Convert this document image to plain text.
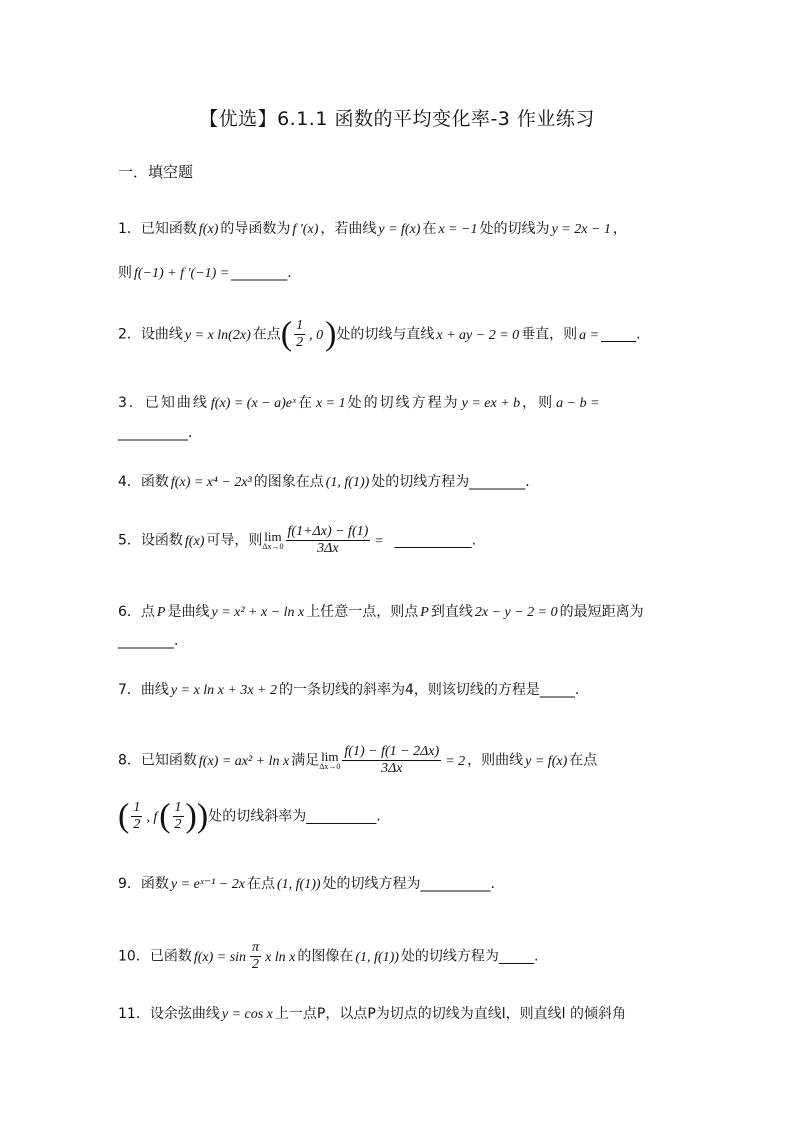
【优选】6.1.1 函数的平均变化率-3 作业练习
一．填空题
1．已知函数 f(x) 的导函数为 f ′(x) ，若曲线 y = f(x) 在 x = −1 处的切线为 y = 2x − 1 ，
则 f(−1) + f ′(−1) = ________.
2．设曲线 y = x ln(2x) 在点( $\frac{1}{2}$ , 0)处的切线与直线 x + ay − 2 = 0 垂直，则 a = _____.
3．已知曲线 f(x) = (x − a)eˣ 在 x = 1 处的切线方程为 y = ex + b ，则 a − b =
__________.
4．函数 f(x) = x⁴ − 2x³ 的图象在点 (1, f(1)) 处的切线方程为________.
5．设函数 f(x) 可导，则 lim
$\Delta x\to 0 \frac{f(1+\Delta x) - f(1)}{3\Delta x}$ = ___________.
6．点 P 是曲线 y = x² + x − ln x 上任意一点，则点 P 到直线 2x − y − 2 = 0 的最短距离为
________.
7．曲线 y = x ln x + 3x + 2 的一条切线的斜率为4，则该切线的方程是_____.
8．已知函数 f(x) = ax² + ln x 满足 lim
$\Delta x\to 0 \frac{f(1) - f(1 - 2\Delta x)}{3\Delta x} = 2$ ，则曲线 y = f(x) 在点
( $\frac{1}{2}$ , $f( \frac{1}{2}$ ))处的切线斜率为__________.
9．函数 y = eˣ⁻¹ − 2x 在点 (1, f(1)) 处的切线方程为__________.
10．已函数 $f(x) = \sin \frac{\pi}{2}$ x ln x 的图像在 (1, f(1)) 处的切线方程为_____.
11．设余弦曲线 y = cos x 上一点P，以点P为切点的切线为直线l，则直线l 的倾斜角
